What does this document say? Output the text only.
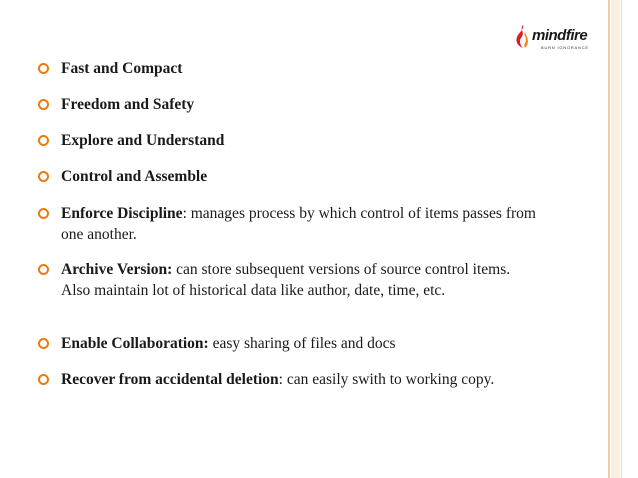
mindfire
BURN IGNORANCE
Fast and Compact
Freedom and Safety
Explore and Understand
Control and Assemble
Enforce Discipline: manages process by which control of items passes from one another.
Archive Version: can store subsequent versions of source control items. Also maintain lot of historical data like author, date, time, etc.
Enable Collaboration: easy sharing of files and docs
Recover from accidental deletion: can easily swith to working copy.
